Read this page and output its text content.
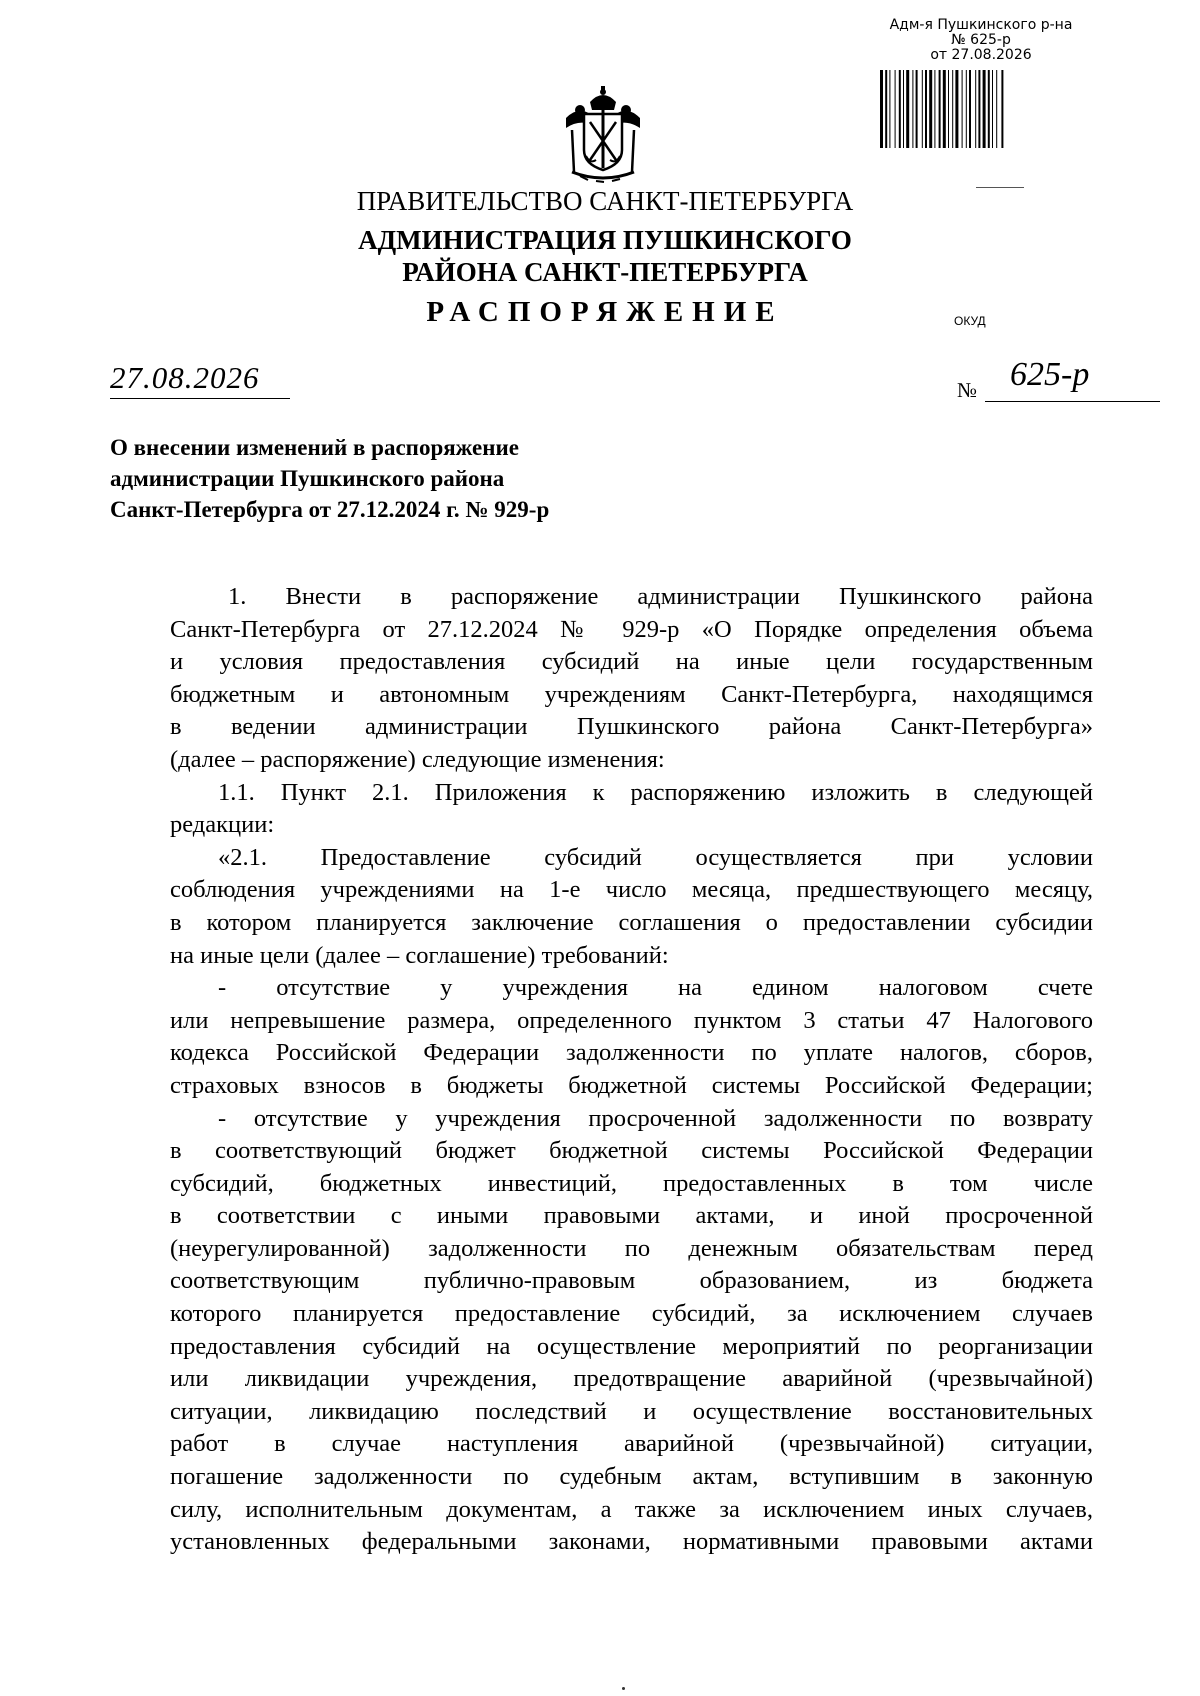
Адм-я Пушкинского р-на
№ 625-р
от 27.08.2026
ПРАВИТЕЛЬСТВО САНКТ-ПЕТЕРБУРГА
АДМИНИСТРАЦИЯ ПУШКИНСКОГО
РАЙОНА САНКТ-ПЕТЕРБУРГА
РАСПОРЯЖЕНИЕ	ОКУД
27.08.2026	№ 625-р
О внесении изменений в распоряжение
администрации Пушкинского района
Санкт-Петербурга от 27.12.2024 г. № 929-р
1. Внести в распоряжение администрации Пушкинского района
Санкт-Петербурга от 27.12.2024 № 929-р «О Порядке определения объема
и условия предоставления субсидий на иные цели государственным
бюджетным и автономным учреждениям Санкт-Петербурга, находящимся
в ведении администрации Пушкинского района Санкт-Петербурга»
(далее – распоряжение) следующие изменения:
1.1. Пункт 2.1. Приложения к распоряжению изложить в следующей
редакции:
«2.1. Предоставление субсидий осуществляется при условии
соблюдения учреждениями на 1-е число месяца, предшествующего месяцу,
в котором планируется заключение соглашения о предоставлении субсидии
на иные цели (далее – соглашение) требований:
- отсутствие у учреждения на едином налоговом счете
или непревышение размера, определенного пунктом 3 статьи 47 Налогового
кодекса Российской Федерации задолженности по уплате налогов, сборов,
страховых взносов в бюджеты бюджетной системы Российской Федерации;
- отсутствие у учреждения просроченной задолженности по возврату
в соответствующий бюджет бюджетной системы Российской Федерации
субсидий, бюджетных инвестиций, предоставленных в том числе
в соответствии с иными правовыми актами, и иной просроченной
(неурегулированной) задолженности по денежным обязательствам перед
соответствующим публично-правовым образованием, из бюджета
которого планируется предоставление субсидий, за исключением случаев
предоставления субсидий на осуществление мероприятий по реорганизации
или ликвидации учреждения, предотвращение аварийной (чрезвычайной)
ситуации, ликвидацию последствий и осуществление восстановительных
работ в случае наступления аварийной (чрезвычайной) ситуации,
погашение задолженности по судебным актам, вступившим в законную
силу, исполнительным документам, а также за исключением иных случаев,
установленных федеральными законами, нормативными правовыми актами
